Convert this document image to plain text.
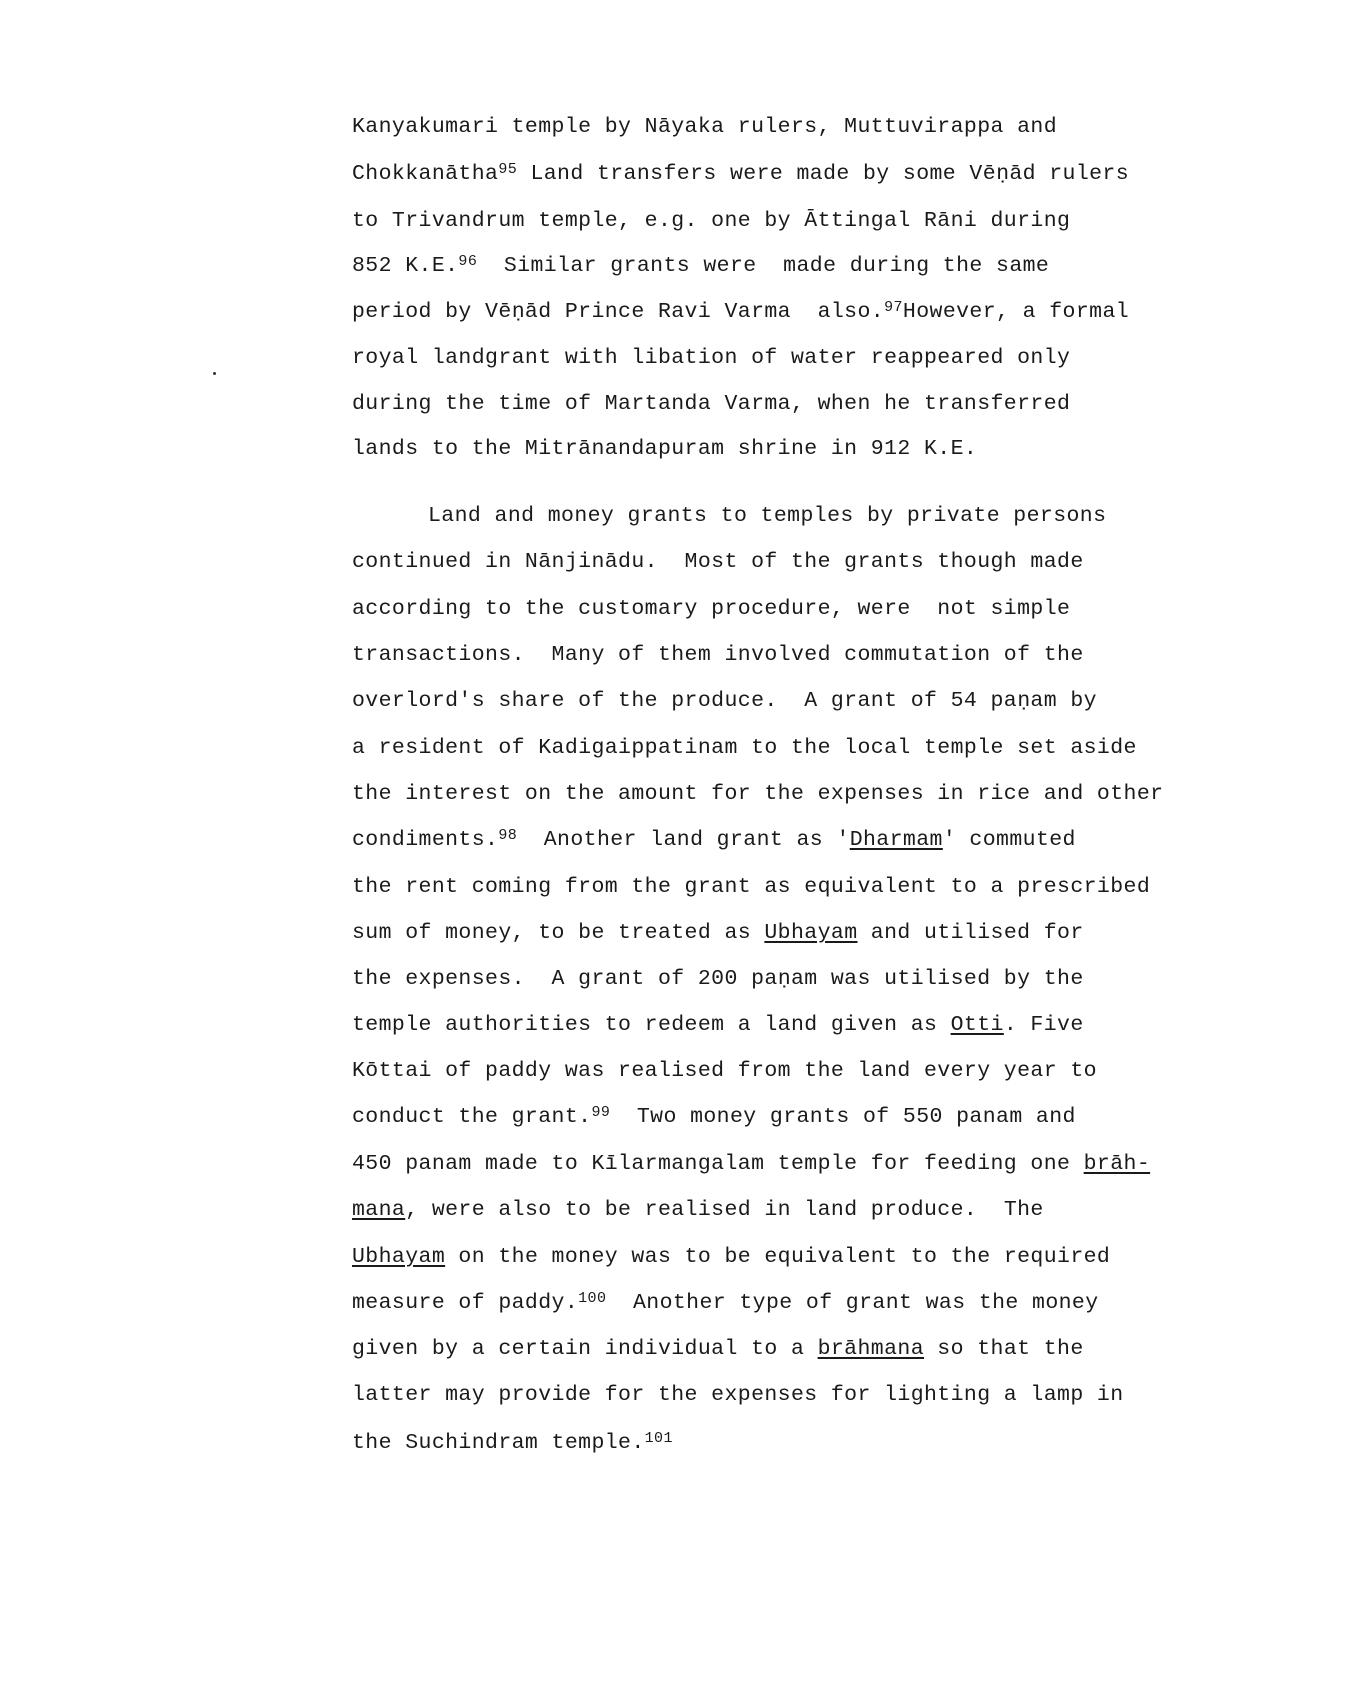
Kanyakumari temple by Nāyaka rulers, Muttuvirappa and
Chokkanātha$^{95}$ Land transfers were made by some Vēṇād rulers
to Trivandrum temple, e.g. one by Āttingal Rāni during
852 K.E.$^{96}$  Similar grants were  made during the same
period by Vēṇād Prince Ravi Varma  also.$^{97}$However, a formal
royal landgrant with libation of water reappeared only
during the time of Martanda Varma, when he transferred
lands to the Mitrānandapuram shrine in 912 K.E.
Land and money grants to temples by private persons
continued in Nānjinādu.  Most of the grants though made
according to the customary procedure, were  not simple
transactions.  Many of them involved commutation of the
overlord's share of the produce.  A grant of 54 paṇam by
a resident of Kadigaippatinam to the local temple set aside
the interest on the amount for the expenses in rice and other
condiments.$^{98}$  Another land grant as 'Dharmam' commuted
the rent coming from the grant as equivalent to a prescribed
sum of money, to be treated as Ubhayam and utilised for
the expenses.  A grant of 200 paṇam was utilised by the
temple authorities to redeem a land given as Otti. Five
Kōttai of paddy was realised from the land every year to
conduct the grant.$^{99}$  Two money grants of 550 panam and
450 panam made to Kīlarmangalam temple for feeding one brāh-
mana, were also to be realised in land produce.  The
Ubhayam on the money was to be equivalent to the required
measure of paddy.$^{100}$  Another type of grant was the money
given by a certain individual to a brāhmana so that the
latter may provide for the expenses for lighting a lamp in
the Suchindram temple.$^{101}$
